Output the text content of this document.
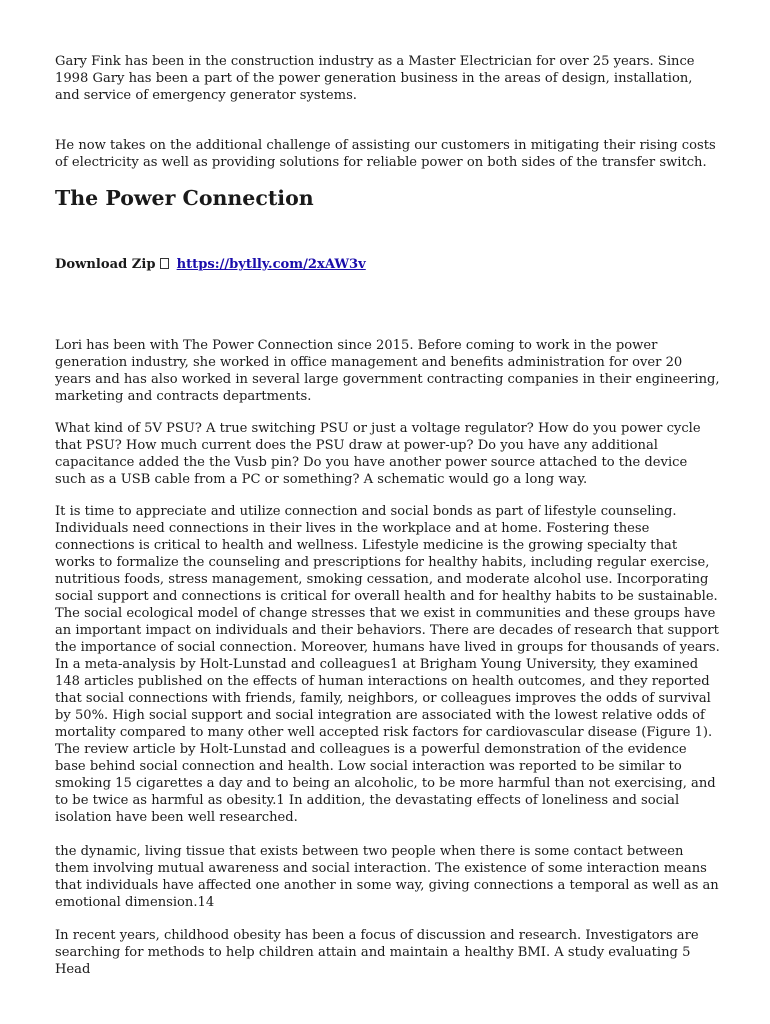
Gary Fink has been in the construction industry as a Master Electrician for over 25 years. Since 1998 Gary has been a part of the power generation business in the areas of design, installation, and service of emergency generator systems.

He now takes on the additional challenge of assisting our customers in mitigating their rising costs of electricity as well as providing solutions for reliable power on both sides of the transfer switch.

The Power Connection
Download Zip https://bytlly.com/2xAW3v

Lori has been with The Power Connection since 2015. Before coming to work in the power generation industry, she worked in office management and benefits administration for over 20 years and has also worked in several large government contracting companies in their engineering, marketing and contracts departments.

What kind of 5V PSU? A true switching PSU or just a voltage regulator? How do you power cycle that PSU? How much current does the PSU draw at power-up? Do you have any additional capacitance added the the Vusb pin? Do you have another power source attached to the device such as a USB cable from a PC or something? A schematic would go a long way.

It is time to appreciate and utilize connection and social bonds as part of lifestyle counseling. Individuals need connections in their lives in the workplace and at home. Fostering these connections is critical to health and wellness. Lifestyle medicine is the growing specialty that works to formalize the counseling and prescriptions for healthy habits, including regular exercise, nutritious foods, stress management, smoking cessation, and moderate alcohol use. Incorporating social support and connections is critical for overall health and for healthy habits to be sustainable. The social ecological model of change stresses that we exist in communities and these groups have an important impact on individuals and their behaviors. There are decades of research that support the importance of social connection. Moreover, humans have lived in groups for thousands of years. In a meta-analysis by Holt-Lunstad and colleagues1 at Brigham Young University, they examined 148 articles published on the effects of human interactions on health outcomes, and they reported that social connections with friends, family, neighbors, or colleagues improves the odds of survival by 50%. High social support and social integration are associated with the lowest relative odds of mortality compared to many other well accepted risk factors for cardiovascular disease (Figure 1). The review article by Holt-Lunstad and colleagues is a powerful demonstration of the evidence base behind social connection and health. Low social interaction was reported to be similar to smoking 15 cigarettes a day and to being an alcoholic, to be more harmful than not exercising, and to be twice as harmful as obesity.1 In addition, the devastating effects of loneliness and social isolation have been well researched.

the dynamic, living tissue that exists between two people when there is some contact between them involving mutual awareness and social interaction. The existence of some interaction means that individuals have affected one another in some way, giving connections a temporal as well as an emotional dimension.14

In recent years, childhood obesity has been a focus of discussion and research. Investigators are searching for methods to help children attain and maintain a healthy BMI. A study evaluating 5 Head
